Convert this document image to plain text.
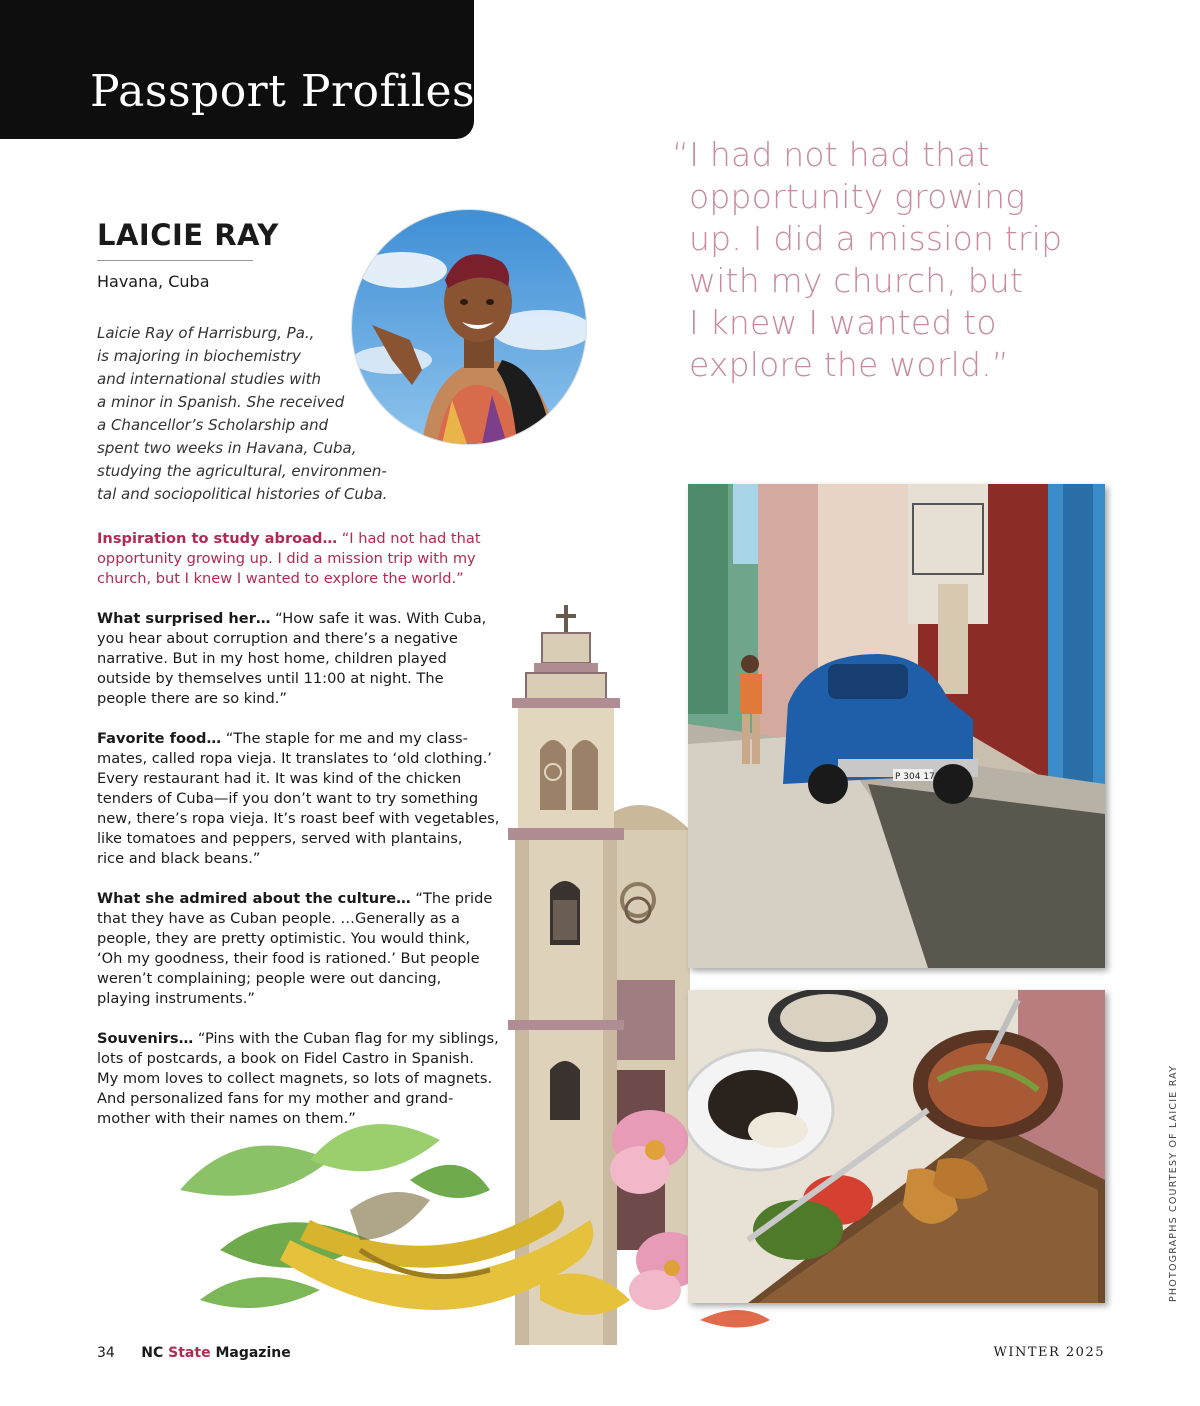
Passport Profiles
“I had not had that
opportunity growing
up. I did a mission trip
with my church, but
I knew I wanted to
explore the world.”
LAICIE RAY
Havana, Cuba
Laicie Ray of Harrisburg, Pa.,
is majoring in biochemistry
and international studies with
a minor in Spanish. She received
a Chancellor’s Scholarship and
spent two weeks in Havana, Cuba,
studying the agricultural, environmen-
tal and sociopolitical histories of Cuba.
Inspiration to study abroad… “I had not had that
opportunity growing up. I did a mission trip with my
church, but I knew I wanted to explore the world.”
What surprised her… “How safe it was. With Cuba,
you hear about corruption and there’s a negative
narrative. But in my host home, children played
outside by themselves until 11:00 at night. The
people there are so kind.”
Favorite food… “The staple for me and my class-
mates, called ropa vieja. It translates to ‘old clothing.’
Every restaurant had it. It was kind of the chicken
tenders of Cuba—if you don’t want to try something
new, there’s ropa vieja. It’s roast beef with vegetables,
like tomatoes and peppers, served with plantains,
rice and black beans.”
What she admired about the culture… “The pride
that they have as Cuban people. …Generally as a
people, they are pretty optimistic. You would think,
‘Oh my goodness, their food is rationed.’ But people
weren’t complaining; people were out dancing,
playing instruments.”
Souvenirs… “Pins with the Cuban flag for my siblings,
lots of postcards, a book on Fidel Castro in Spanish.
My mom loves to collect magnets, so lots of magnets.
And personalized fans for my mother and grand-
mother with their names on them.”
P 304 171
PHOTOGRAPHS COURTESY OF LAICIE RAY
34 NC State Magazine	WINTER 2025
